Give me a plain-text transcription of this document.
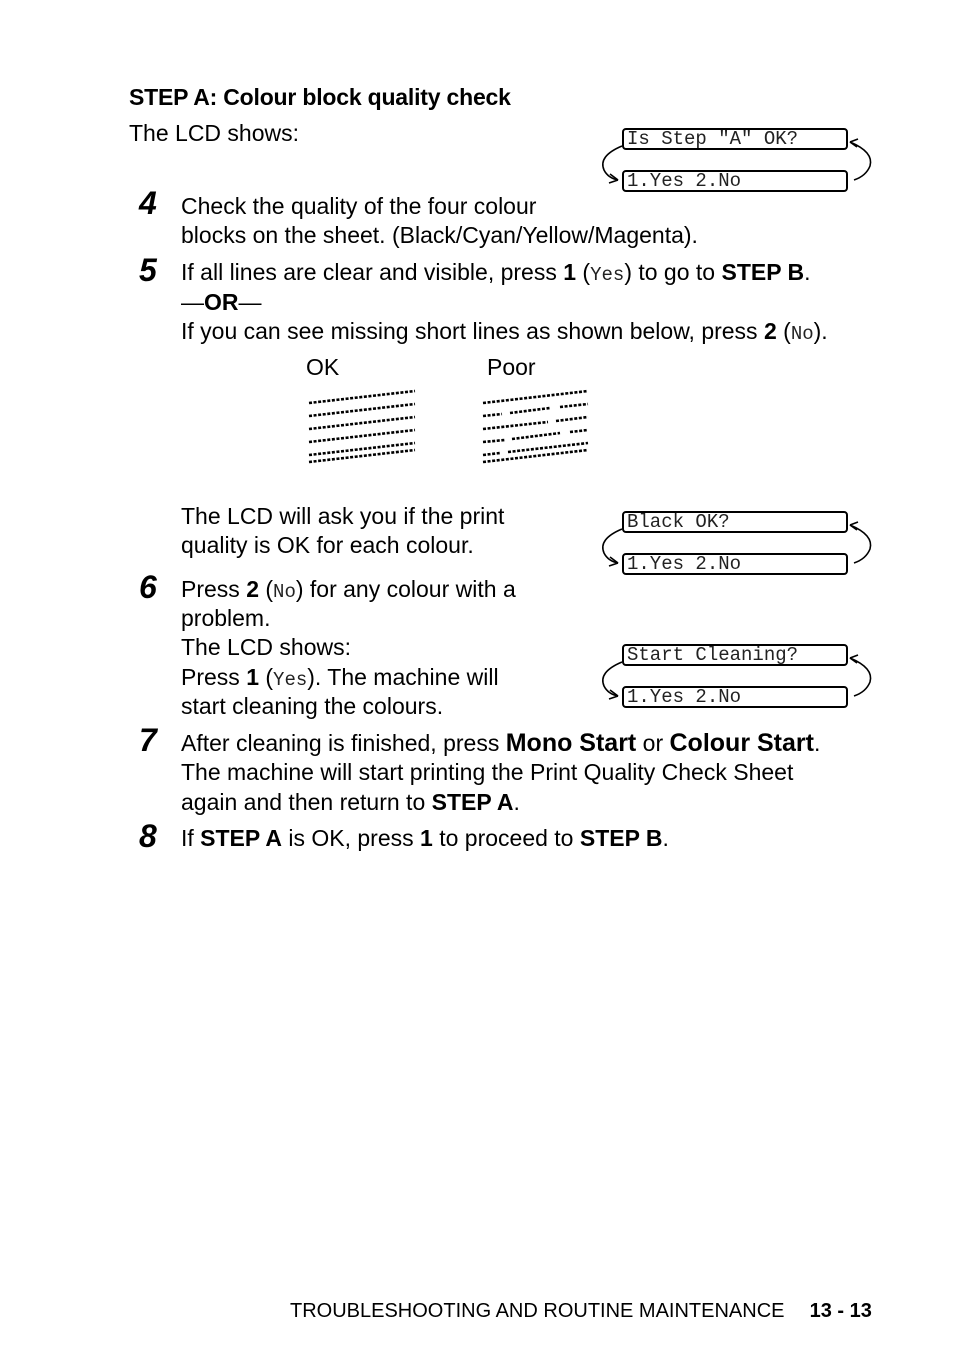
STEP A: Colour block quality check
The LCD shows:	Is Step "A" OK?
1.Yes 2.No
4 Check the quality of the four colour
blocks on the sheet. (Black/Cyan/Yellow/Magenta).
5 If all lines are clear and visible, press 1 (Yes) to go to STEP B.
—OR—
If you can see missing short lines as shown below, press 2 (No).
OK	Poor
The LCD will ask you if the print
quality is OK for each colour.
Black OK?
1.Yes 2.No
6 Press 2 (No) for any colour with a
problem.
The LCD shows:
Press 1 (Yes). The machine will
start cleaning the colours.
Start Cleaning?
1.Yes 2.No
7 After cleaning is finished, press Mono Start or Colour Start.
The machine will start printing the Print Quality Check Sheet
again and then return to STEP A.
8 If STEP A is OK, press 1 to proceed to STEP B.
TROUBLESHOOTING AND ROUTINE MAINTENANCE 13 - 13
